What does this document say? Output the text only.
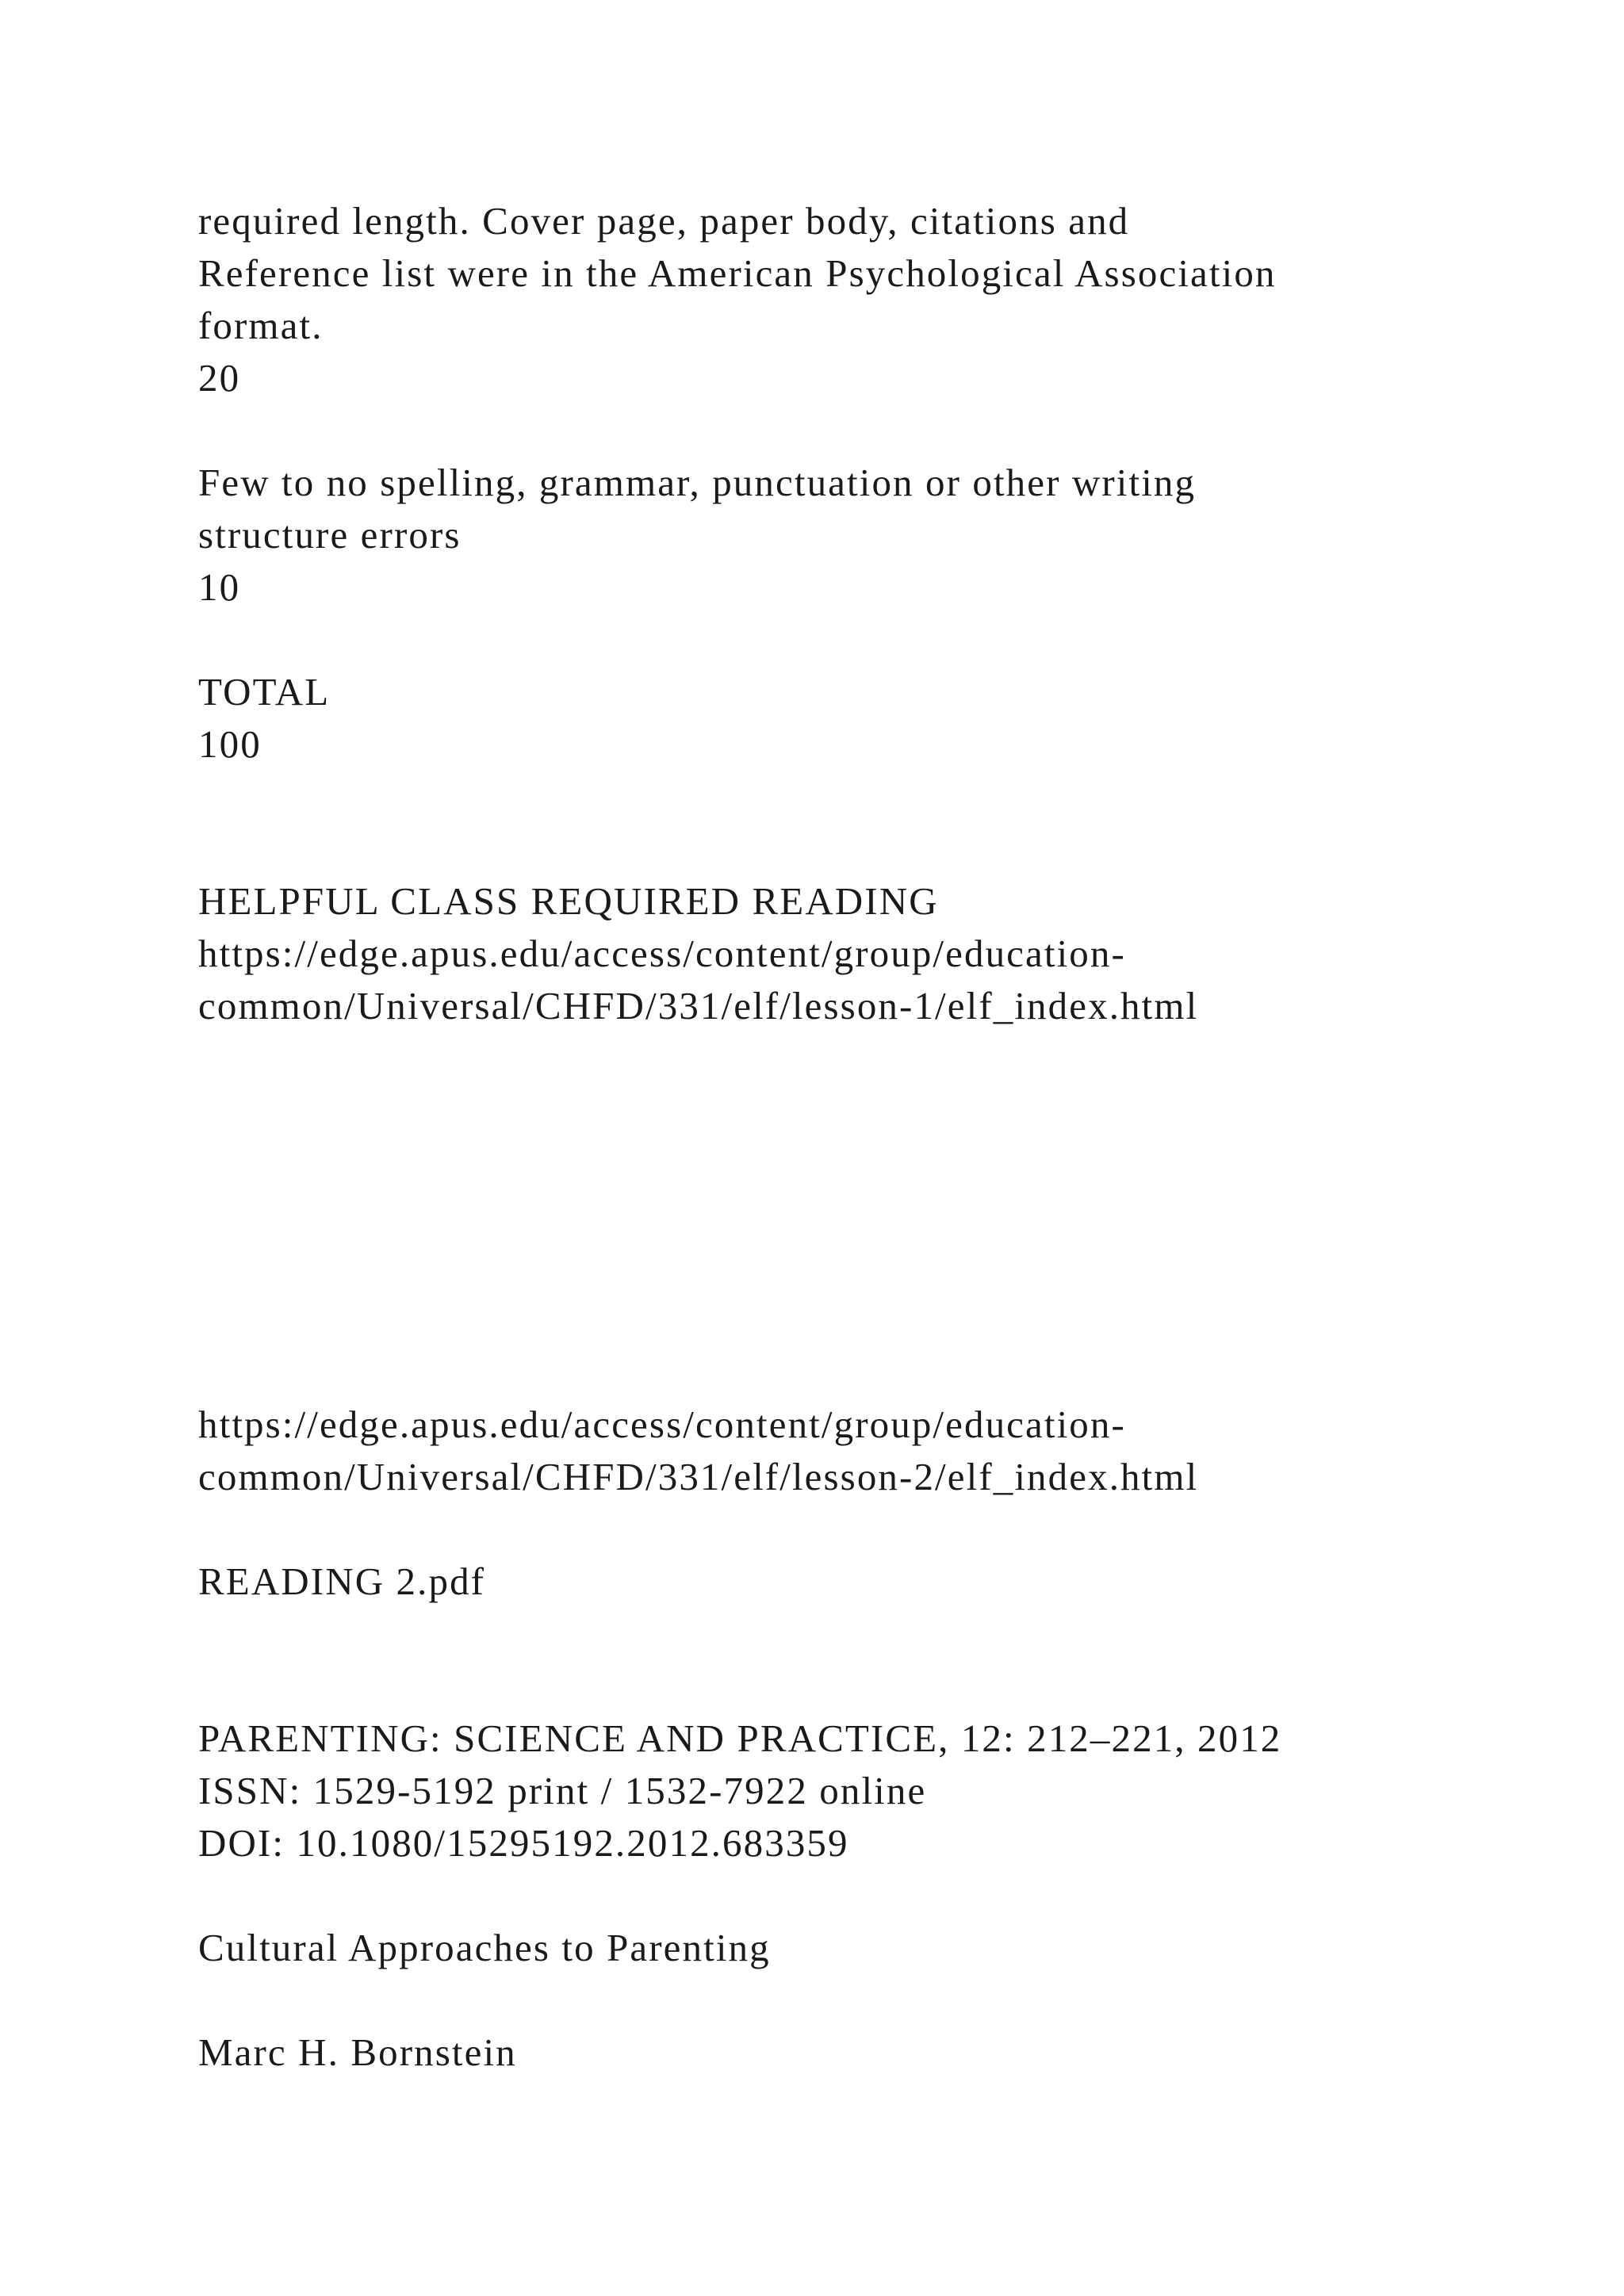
required length. Cover page, paper body, citations and

Reference list were in the American Psychological Association

format.

20

Few to no spelling, grammar, punctuation or other writing

structure errors

10

TOTAL

100

HELPFUL CLASS REQUIRED READING

https://edge.apus.edu/access/content/group/education-

common/Universal/CHFD/331/elf/lesson-1/elf_index.html

https://edge.apus.edu/access/content/group/education-

common/Universal/CHFD/331/elf/lesson-2/elf_index.html

READING 2.pdf

PARENTING: SCIENCE AND PRACTICE, 12: 212–221, 2012

ISSN: 1529-5192 print / 1532-7922 online

DOI: 10.1080/15295192.2012.683359

Cultural Approaches to Parenting

Marc H. Bornstein
